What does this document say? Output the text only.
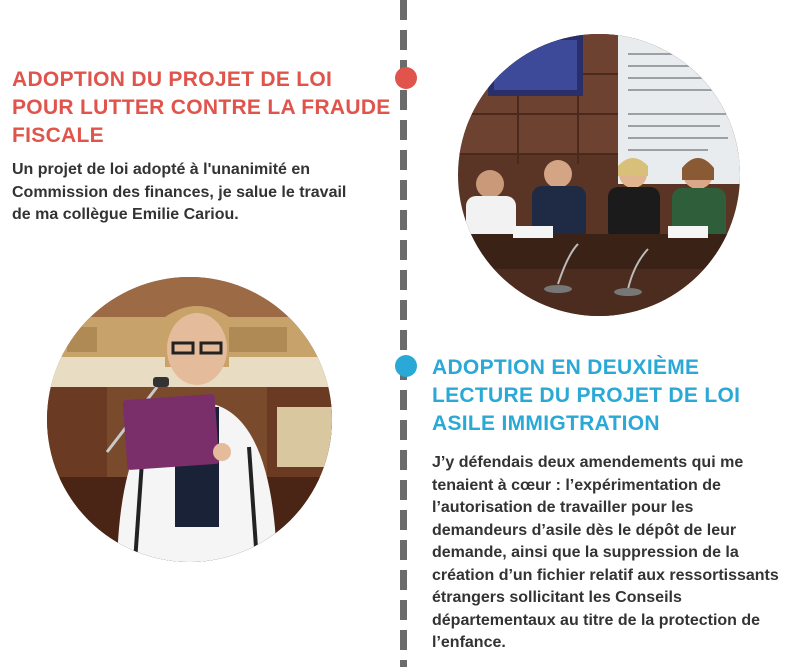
ADOPTION DU PROJET DE LOI POUR LUTTER CONTRE LA FRAUDE FISCALE

Un projet de loi adopté à l'unanimité en Commission des finances, je salue le travail de ma collègue Emilie Cariou.

ADOPTION EN DEUXIÈME LECTURE DU PROJET DE LOI ASILE IMMIGTRATION

J’y défendais deux amendements qui me tenaient à cœur : l’expérimentation de l’autorisation de travailler pour les demandeurs d’asile dès le dépôt de leur demande, ainsi que la suppression de la création d’un fichier relatif aux ressortissants étrangers sollicitant les Conseils départementaux au titre de la protection de l’enfance.
